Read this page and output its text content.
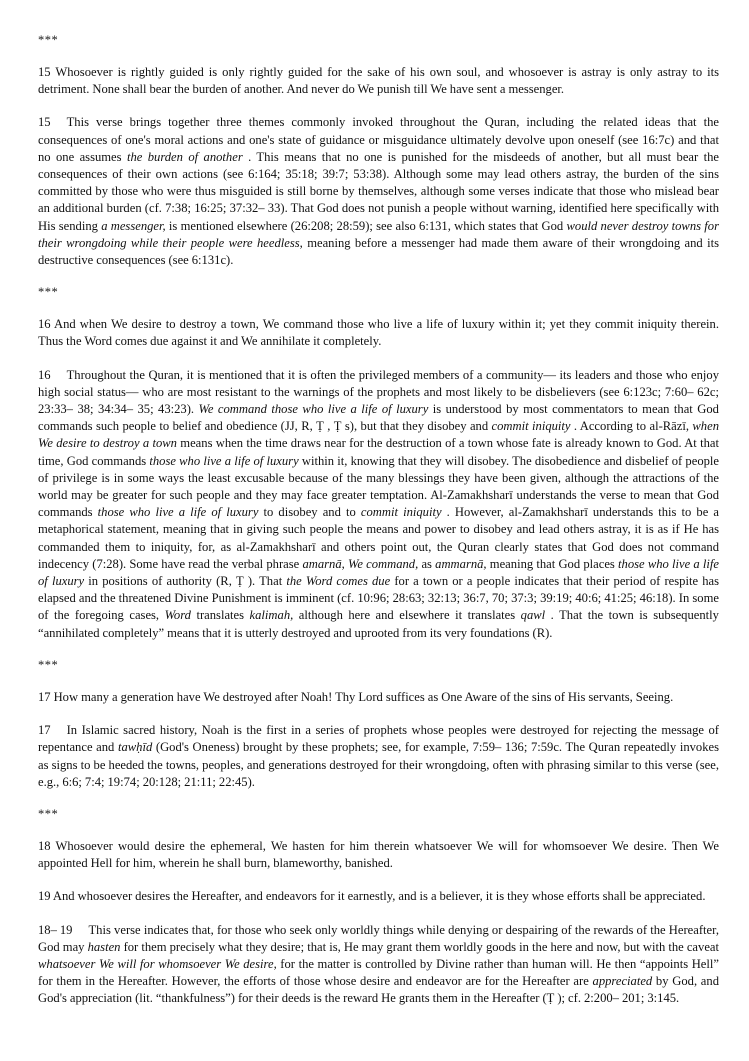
***

15 Whosoever is rightly guided is only rightly guided for the sake of his own soul, and whosoever is astray is only astray to its detriment. None shall bear the burden of another. And never do We punish till We have sent a messenger.

15 This verse brings together three themes commonly invoked throughout the Quran, including the related ideas that the consequences of one's moral actions and one's state of guidance or misguidance ultimately devolve upon oneself (see 16:7c) and that no one assumes the burden of another . This means that no one is punished for the misdeeds of another, but all must bear the consequences of their own actions (see 6:164; 35:18; 39:7; 53:38). Although some may lead others astray, the burden of the sins committed by those who were thus misguided is still borne by themselves, although some verses indicate that those who mislead bear an additional burden (cf. 7:38; 16:25; 37:32– 33). That God does not punish a people without warning, identified here specifically with His sending a messenger, is mentioned elsewhere (26:208; 28:59); see also 6:131, which states that God would never destroy towns for their wrongdoing while their people were heedless, meaning before a messenger had made them aware of their wrongdoing and its destructive consequences (see 6:131c).

***

16 And when We desire to destroy a town, We command those who live a life of luxury within it; yet they commit iniquity therein. Thus the Word comes due against it and We annihilate it completely.

16 Throughout the Quran, it is mentioned that it is often the privileged members of a community— its leaders and those who enjoy high social status— who are most resistant to the warnings of the prophets and most likely to be disbelievers (see 6:123c; 7:60– 62c; 23:33– 38; 34:34– 35; 43:23). We command those who live a life of luxury is understood by most commentators to mean that God commands such people to belief and obedience (JJ, R, Ṭ , Ṭ s), but that they disobey and commit iniquity . According to al-Rāzī, when We desire to destroy a town means when the time draws near for the destruction of a town whose fate is already known to God. At that time, God commands those who live a life of luxury within it, knowing that they will disobey. The disobedience and disbelief of people of privilege is in some ways the least excusable because of the many blessings they have been given, although the attractions of the world may be greater for such people and they may face greater temptation. Al-Zamakhsharī understands the verse to mean that God commands those who live a life of luxury to disobey and to commit iniquity . However, al-Zamakhsharī understands this to be a metaphorical statement, meaning that in giving such people the means and power to disobey and lead others astray, it is as if He has commanded them to iniquity, for, as al-Zamakhsharī and others point out, the Quran clearly states that God does not command indecency (7:28). Some have read the verbal phrase amarnā, We command, as ammarnā, meaning that God places those who live a life of luxury in positions of authority (R, Ṭ ). That the Word comes due for a town or a people indicates that their period of respite has elapsed and the threatened Divine Punishment is imminent (cf. 10:96; 28:63; 32:13; 36:7, 70; 37:3; 39:19; 40:6; 41:25; 46:18). In some of the foregoing cases, Word translates kalimah, although here and elsewhere it translates qawl . That the town is subsequently “annihilated completely” means that it is utterly destroyed and uprooted from its very foundations (R).

***

17 How many a generation have We destroyed after Noah! Thy Lord suffices as One Aware of the sins of His servants, Seeing.

17 In Islamic sacred history, Noah is the first in a series of prophets whose peoples were destroyed for rejecting the message of repentance and tawḥīd (God's Oneness) brought by these prophets; see, for example, 7:59– 136; 7:59c. The Quran repeatedly invokes as signs to be heeded the towns, peoples, and generations destroyed for their wrongdoing, often with phrasing similar to this verse (see, e.g., 6:6; 7:4; 19:74; 20:128; 21:11; 22:45).

***

18 Whosoever would desire the ephemeral, We hasten for him therein whatsoever We will for whomsoever We desire. Then We appointed Hell for him, wherein he shall burn, blameworthy, banished.

19 And whosoever desires the Hereafter, and endeavors for it earnestly, and is a believer, it is they whose efforts shall be appreciated.

18– 19 This verse indicates that, for those who seek only worldly things while denying or despairing of the rewards of the Hereafter, God may hasten for them precisely what they desire; that is, He may grant them worldly goods in the here and now, but with the caveat whatsoever We will for whomsoever We desire, for the matter is controlled by Divine rather than human will. He then “appoints Hell” for them in the Hereafter. However, the efforts of those whose desire and endeavor are for the Hereafter are appreciated by God, and God's appreciation (lit. “thankfulness”) for their deeds is the reward He grants them in the Hereafter (Ṭ ); cf. 2:200– 201; 3:145.
